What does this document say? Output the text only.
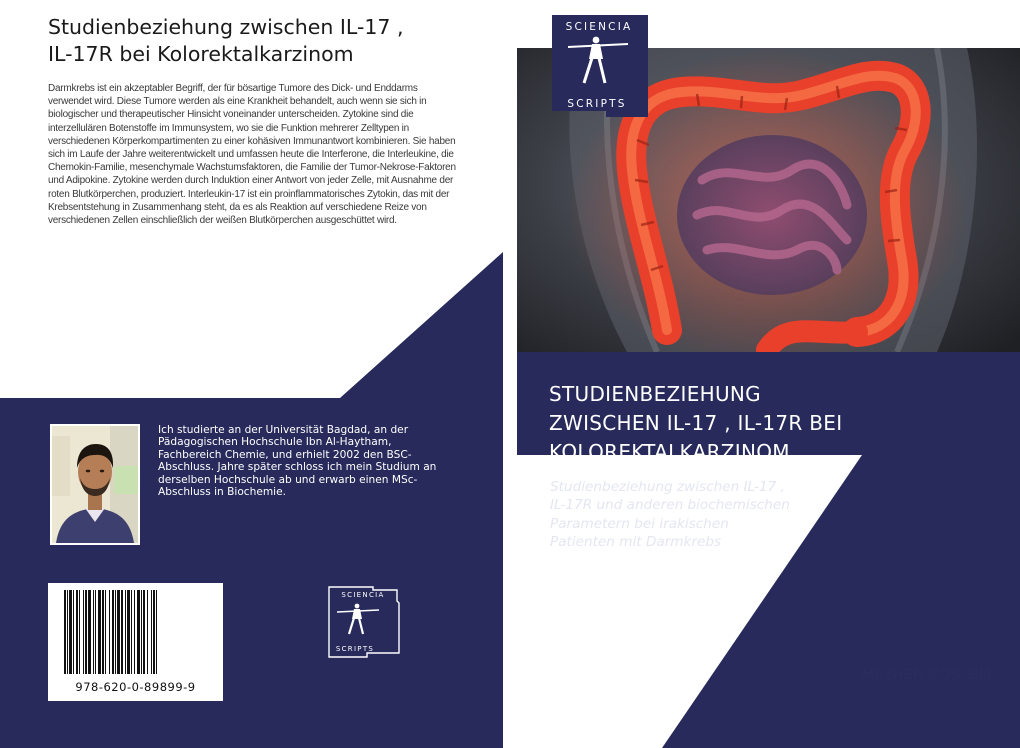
Studienbeziehung zwischen IL-17 ,
IL-17R bei Kolorektalkarzinom

Darmkrebs ist ein akzeptabler Begriff, der für bösartige Tumore des Dick- und Enddarms verwendet wird. Diese Tumore werden als eine Krankheit behandelt, auch wenn sie sich in biologischer und therapeutischer Hinsicht voneinander unterscheiden. Zytokine sind die interzellulären Botenstoffe im Immunsystem, wo sie die Funktion mehrerer Zelltypen in verschiedenen Körperkompartimenten zu einer kohäsiven Immunantwort kombinieren. Sie haben sich im Laufe der Jahre weiterentwickelt und umfassen heute die Interferone, die Interleukine, die Chemokin-Familie, mesenchymale Wachstumsfaktoren, die Familie der Tumor-Nekrose-Faktoren und Adipokine. Zytokine werden durch Induktion einer Antwort von jeder Zelle, mit Ausnahme der roten Blutkörperchen, produziert. Interleukin-17 ist ein proinflammatorisches Zytokin, das mit der Krebsentstehung in Zusammenhang steht, da es als Reaktion auf verschiedene Reize von verschiedenen Zellen einschließlich der weißen Blutkörperchen ausgeschüttet wird.

Ich studierte an der Universität Bagdad, an der Pädagogischen Hochschule Ibn Al-Haytham, Fachbereich Chemie, und erhielt 2002 den BSC-Abschluss. Jahre später schloss ich mein Studium an derselben Hochschule ab und erwarb einen MSc-Abschluss in Biochemie.

978-620-0-89899-9
SCIENCIA
SCRIPTS
SCIENCIA
SCRIPTS
STUDIENBEZIEHUNG
ZWISCHEN IL-17 , IL-17R BEI
KOLOREKTALKARZINOM

Studienbeziehung zwischen IL-17 ,
IL-17R und anderen biochemischen
Parametern bei irakischen
Patienten mit Darmkrebs

MEZHER MOSLEM
